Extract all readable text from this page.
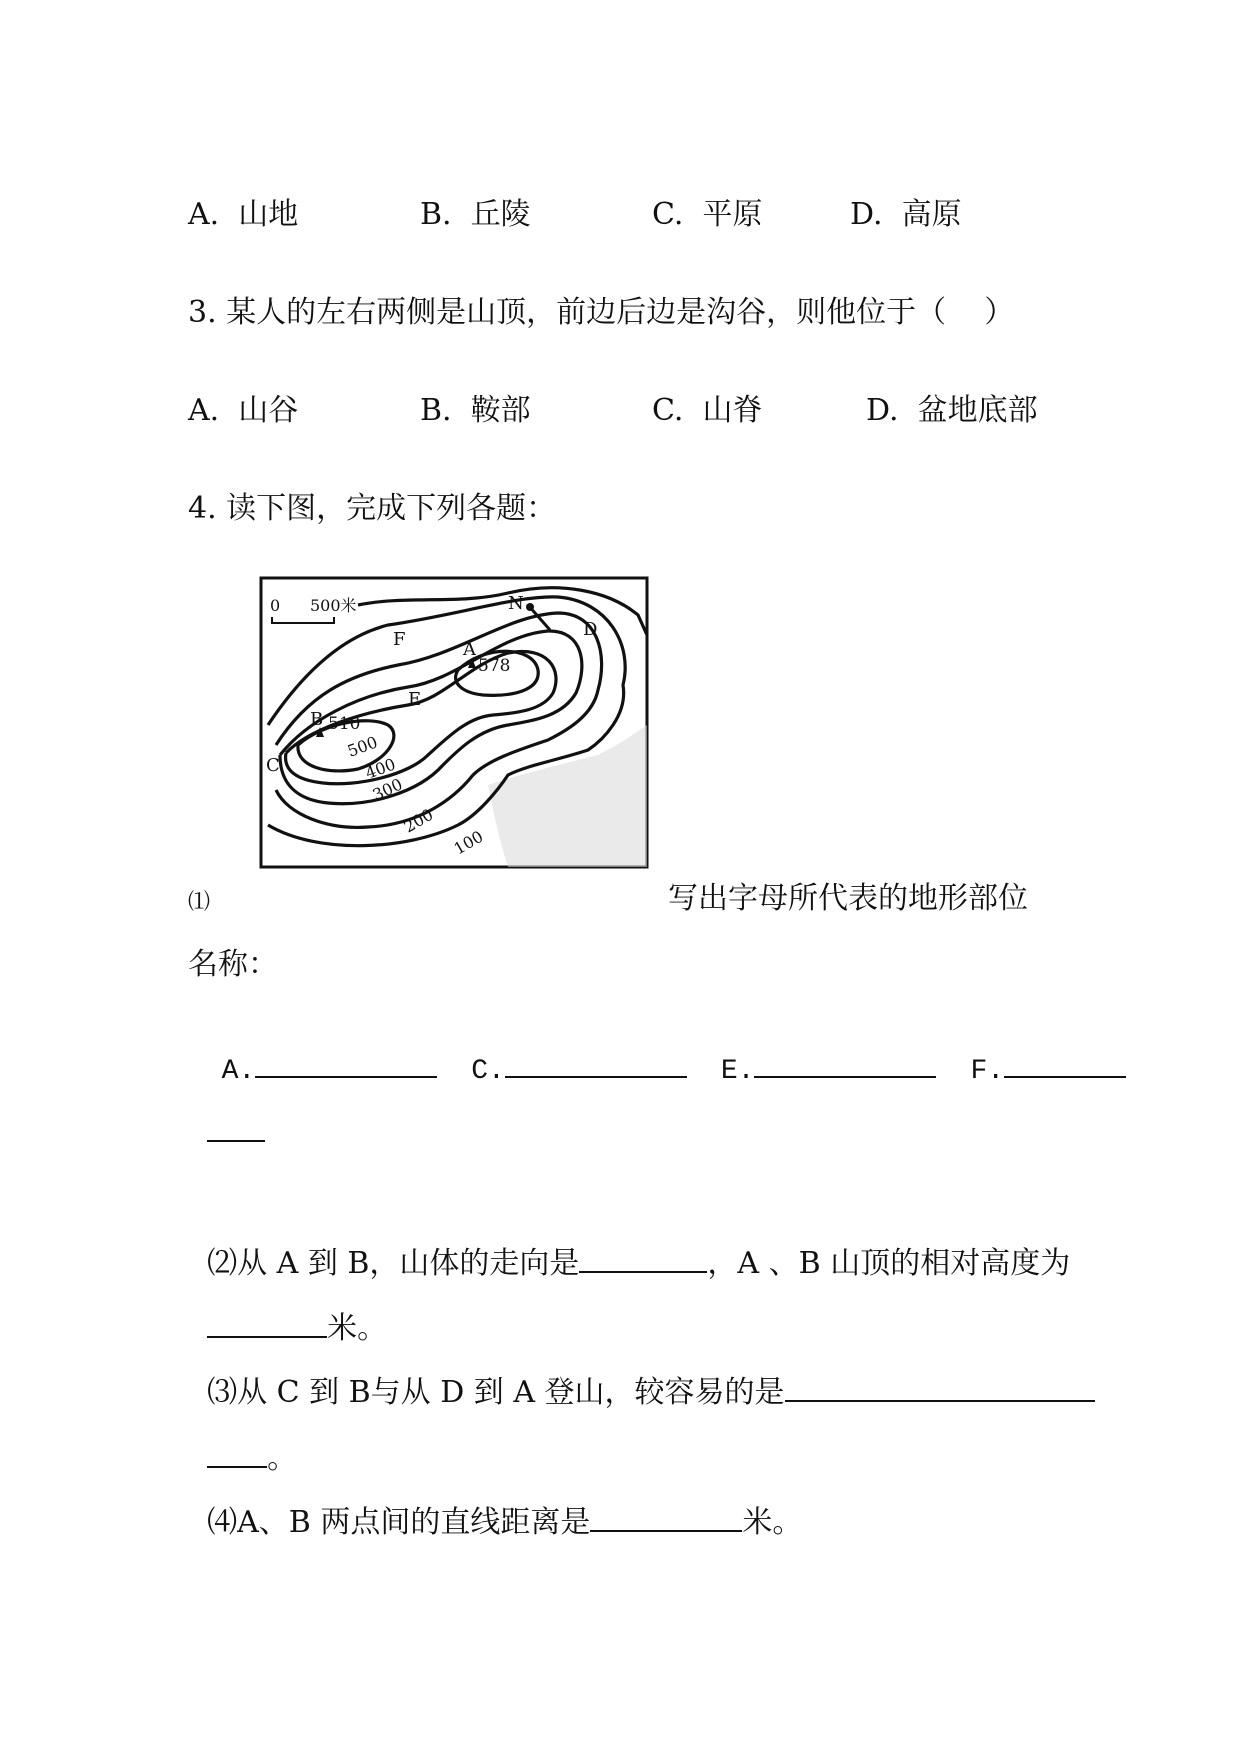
A.  山地	B.  丘陵	C.  平原	D.  高原
3. 某人的左右两侧是山顶，前边后边是沟谷，则他位于（    ）
A.  山谷	B.  鞍部	C.  山脊	D.  盆地底部
4. 读下图，完成下列各题：
0 500米	N
D
F	A
578
E
B 510
C
500
400
300
200
100
⑴	写出字母所代表的地形部位
名称：

A.	C.	E.	F.

⑵从 A 到 B，山体的走向是	，A 、B 山顶的相对高度为

米。

⑶从 C 到 B与从 D 到 A 登山，较容易的是

。

⑷A、B 两点间的直线距离是	米。
